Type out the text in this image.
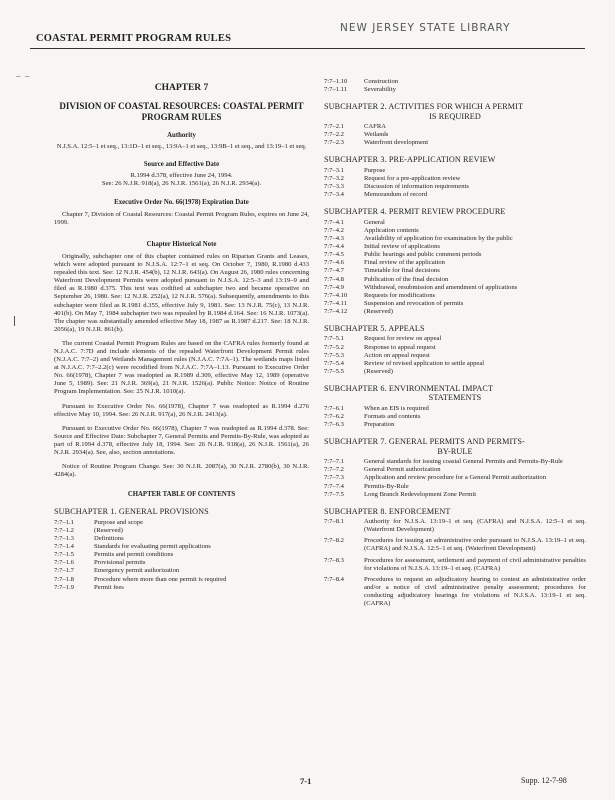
COASTAL PERMIT PROGRAM RULES
NEW JERSEY STATE LIBRARY
–  –
CHAPTER 7
DIVISION OF COASTAL RESOURCES: COASTAL PERMIT PROGRAM RULES
Authority
N.J.S.A. 12:5–1 et seq., 13:1D–1 et seq., 13:9A–1 et seq., 13:9B–1 et seq., and 13:19–1 et seq.
Source and Effective Date
R.1994 d.378, effective June 24, 1994.
See: 26 N.J.R. 918(a), 26 N.J.R. 1561(a), 26 N.J.R. 2934(a).
Executive Order No. 66(1978) Expiration Date
Chapter 7, Division of Coastal Resources: Coastal Permit Program Rules, expires on June 24, 1999.
Chapter Historical Note
Originally, subchapter one of this chapter contained rules on Riparian Grants and Leases, which were adopted pursuant to N.J.S.A. 12:7–1 et seq. On October 7, 1980, R.1980 d.433 repealed this text. See: 12 N.J.R. 454(b), 12 N.J.R. 643(a). On August 26, 1980 rules concerning Waterfront Development Permits were adopted pursuant to N.J.S.A. 12:5–3 and 13:19–9 and filed as R.1980 d.375. This text was codified at subchapter two and became operative on September 26, 1980. See: 12 N.J.R. 252(a), 12 N.J.R. 576(a). Subsequently, amendments to this subchapter were filed as R.1981 d.355, effective July 9, 1981. See: 13 N.J.R. 75(c), 13 N.J.R. 401(b). On May 7, 1984 subchapter two was repealed by R.1984 d.164. See: 16 N.J.R. 1073(a). The chapter was substantially amended effective May 18, 1987 as R.1987 d.217. See: 18 N.J.R. 2056(a), 19 N.J.R. 861(b).
The current Coastal Permit Program Rules are based on the CAFRA rules formerly found at N.J.A.C. 7:7D and include elements of the repealed Waterfront Development Permit rules (N.J.A.C. 7:7–2) and Wetlands Management rules (N.J.A.C. 7:7A–1). The wetlands maps listed at N.J.A.C. 7:7–2.2(c) were recodified from N.J.A.C. 7:7A–1.13. Pursuant to Executive Order No. 66(1978), Chapter 7 was readopted as R.1989 d.309, effective May 12, 1989 (operative June 5, 1989). See: 21 N.J.R. 369(a), 21 N.J.R. 1526(a). Public Notice: Notice of Routine Program Implementation. See: 25 N.J.R. 1010(a).
Pursuant to Executive Order No. 66(1978), Chapter 7 was readopted as R.1994 d.276 effective May 10, 1994. See: 26 N.J.R. 917(a), 26 N.J.R. 2413(a).
Pursuant to Executive Order No. 66(1978), Chapter 7 was readopted as R.1994 d.378. See: Source and Effective Date: Subchapter 7, General Permits and Permits-By-Rule, was adopted as part of R.1994 d.378, effective July 18, 1994. See: 26 N.J.R. 918(a), 26 N.J.R. 1561(a), 26 N.J.R. 2934(a). See, also, section annotations.
Notice of Routine Program Change. See: 30 N.J.R. 2087(a), 30 N.J.R. 2780(b), 30 N.J.R. 4284(a).
CHAPTER TABLE OF CONTENTS
SUBCHAPTER 1. GENERAL PROVISIONS
7:7–1.1	Purpose and scope
7:7–1.2	(Reserved)
7:7–1.3	Definitions
7:7–1.4	Standards for evaluating permit applications
7:7–1.5	Permits and permit conditions
7:7–1.6	Provisional permits
7:7–1.7	Emergency permit authorization
7:7–1.8	Procedure where more than one permit is required
7:7–1.9	Permit fees
7:7–1.10	Construction
7:7–1.11	Severability
SUBCHAPTER 2. ACTIVITIES FOR WHICH A PERMIT
IS REQUIRED
7:7–2.1	CAFRA
7:7–2.2	Wetlands
7:7–2.3	Waterfront development
SUBCHAPTER 3. PRE-APPLICATION REVIEW
7:7–3.1	Purpose
7:7–3.2	Request for a pre-application review
7:7–3.3	Discussion of information requirements
7:7–3.4	Memorandum of record
SUBCHAPTER 4. PERMIT REVIEW PROCEDURE
7:7–4.1	General
7:7–4.2	Application contents
7:7–4.3	Availability of application for examination by the public
7:7–4.4	Initial review of applications
7:7–4.5	Public hearings and public comment periods
7:7–4.6	Final review of the application
7:7–4.7	Timetable for final decisions
7:7–4.8	Publication of the final decision
7:7–4.9	Withdrawal, resubmission and amendment of applications
7:7–4.10	Requests for modifications
7:7–4.11	Suspension and revocation of permits
7:7–4.12	(Reserved)
SUBCHAPTER 5. APPEALS
7:7–5.1	Request for review on appeal
7:7–5.2	Response to appeal request
7:7–5.3	Action on appeal request
7:7–5.4	Review of revised application to settle appeal
7:7–5.5	(Reserved)
SUBCHAPTER 6. ENVIRONMENTAL IMPACT
STATEMENTS
7:7–6.1	When an EIS is required
7:7–6.2	Formats and contents
7:7–6.3	Preparation
SUBCHAPTER 7. GENERAL PERMITS AND PERMITS-
BY-RULE
7:7–7.1	General standards for issuing coastal General Permits and Permits-By-Rule
7:7–7.2	General Permit authorization
7:7–7.3	Application and review procedure for a General Permit authorization
7:7–7.4	Permits-By-Rule
7:7–7.5	Long Branch Redevelopment Zone Permit
SUBCHAPTER 8. ENFORCEMENT
7:7–8.1	Authority for N.J.S.A. 13:19–1 et seq. (CAFRA) and N.J.S.A. 12:5–1 et seq. (Waterfront Development)
7:7–8.2	Procedures for issuing an administrative order pursuant to N.J.S.A. 13:19–1 et seq. (CAFRA) and N.J.S.A. 12:5–1 et seq. (Waterfront Development)
7:7–8.3	Procedures for assessment, settlement and payment of civil administrative penalties for violations of N.J.S.A. 13:19–1 et seq. (CAFRA)
7:7–8.4	Procedures to request an adjudicatory hearing to contest an administrative order and/or a notice of civil administrative penalty assessment; procedures for conducting adjudicatory hearings for violations of N.J.S.A. 13:19–1 et seq. (CAFRA)
7-1	Supp. 12-7-98
